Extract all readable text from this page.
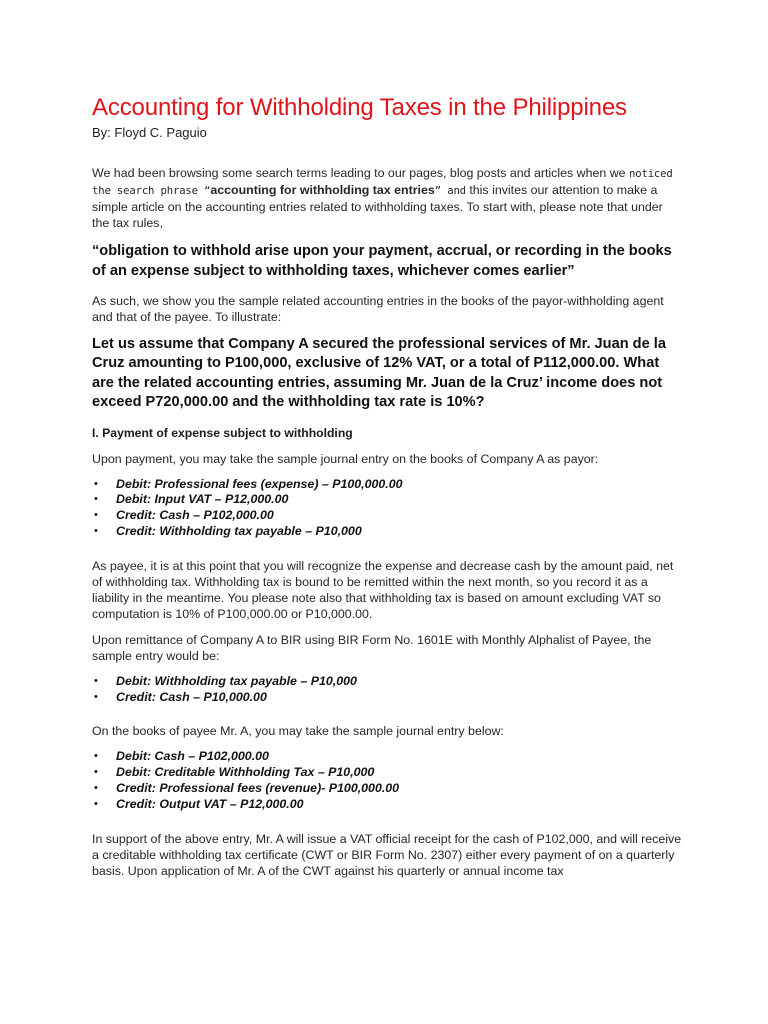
Accounting for Withholding Taxes in the Philippines
By: Floyd C. Paguio

We had been browsing some search terms leading to our pages, blog posts and articles when we noticed the search phrase “accounting for withholding tax entries” and this invites our attention to make a simple article on the accounting entries related to withholding taxes. To start with, please note that under the tax rules,

“obligation to withhold arise upon your payment, accrual, or recording in the books of an expense subject to withholding taxes, whichever comes earlier”

As such, we show you the sample related accounting entries in the books of the payor-withholding agent and that of the payee. To illustrate:

Let us assume that Company A secured the professional services of Mr. Juan de la Cruz amounting to P100,000, exclusive of 12% VAT, or a total of P112,000.00. What are the related accounting entries, assuming Mr. Juan de la Cruz’ income does not exceed P720,000.00 and the withholding tax rate is 10%?

I. Payment of expense subject to withholding

Upon payment, you may take the sample journal entry on the books of Company A as payor:

• Debit: Professional fees (expense) – P100,000.00
• Debit: Input VAT – P12,000.00
• Credit: Cash – P102,000.00
• Credit: Withholding tax payable – P10,000

As payee, it is at this point that you will recognize the expense and decrease cash by the amount paid, net of withholding tax. Withholding tax is bound to be remitted within the next month, so you record it as a liability in the meantime. You please note also that withholding tax is based on amount excluding VAT so computation is 10% of P100,000.00 or P10,000.00.

Upon remittance of Company A to BIR using BIR Form No. 1601E with Monthly Alphalist of Payee, the sample entry would be:

• Debit: Withholding tax payable – P10,000
• Credit: Cash – P10,000.00

On the books of payee Mr. A, you may take the sample journal entry below:

• Debit: Cash – P102,000.00
• Debit: Creditable Withholding Tax – P10,000
• Credit: Professional fees (revenue)- P100,000.00
• Credit: Output VAT – P12,000.00

In support of the above entry, Mr. A will issue a VAT official receipt for the cash of P102,000, and will receive a creditable withholding tax certificate (CWT or BIR Form No. 2307) either every payment of on a quarterly basis. Upon application of Mr. A of the CWT against his quarterly or annual income tax
